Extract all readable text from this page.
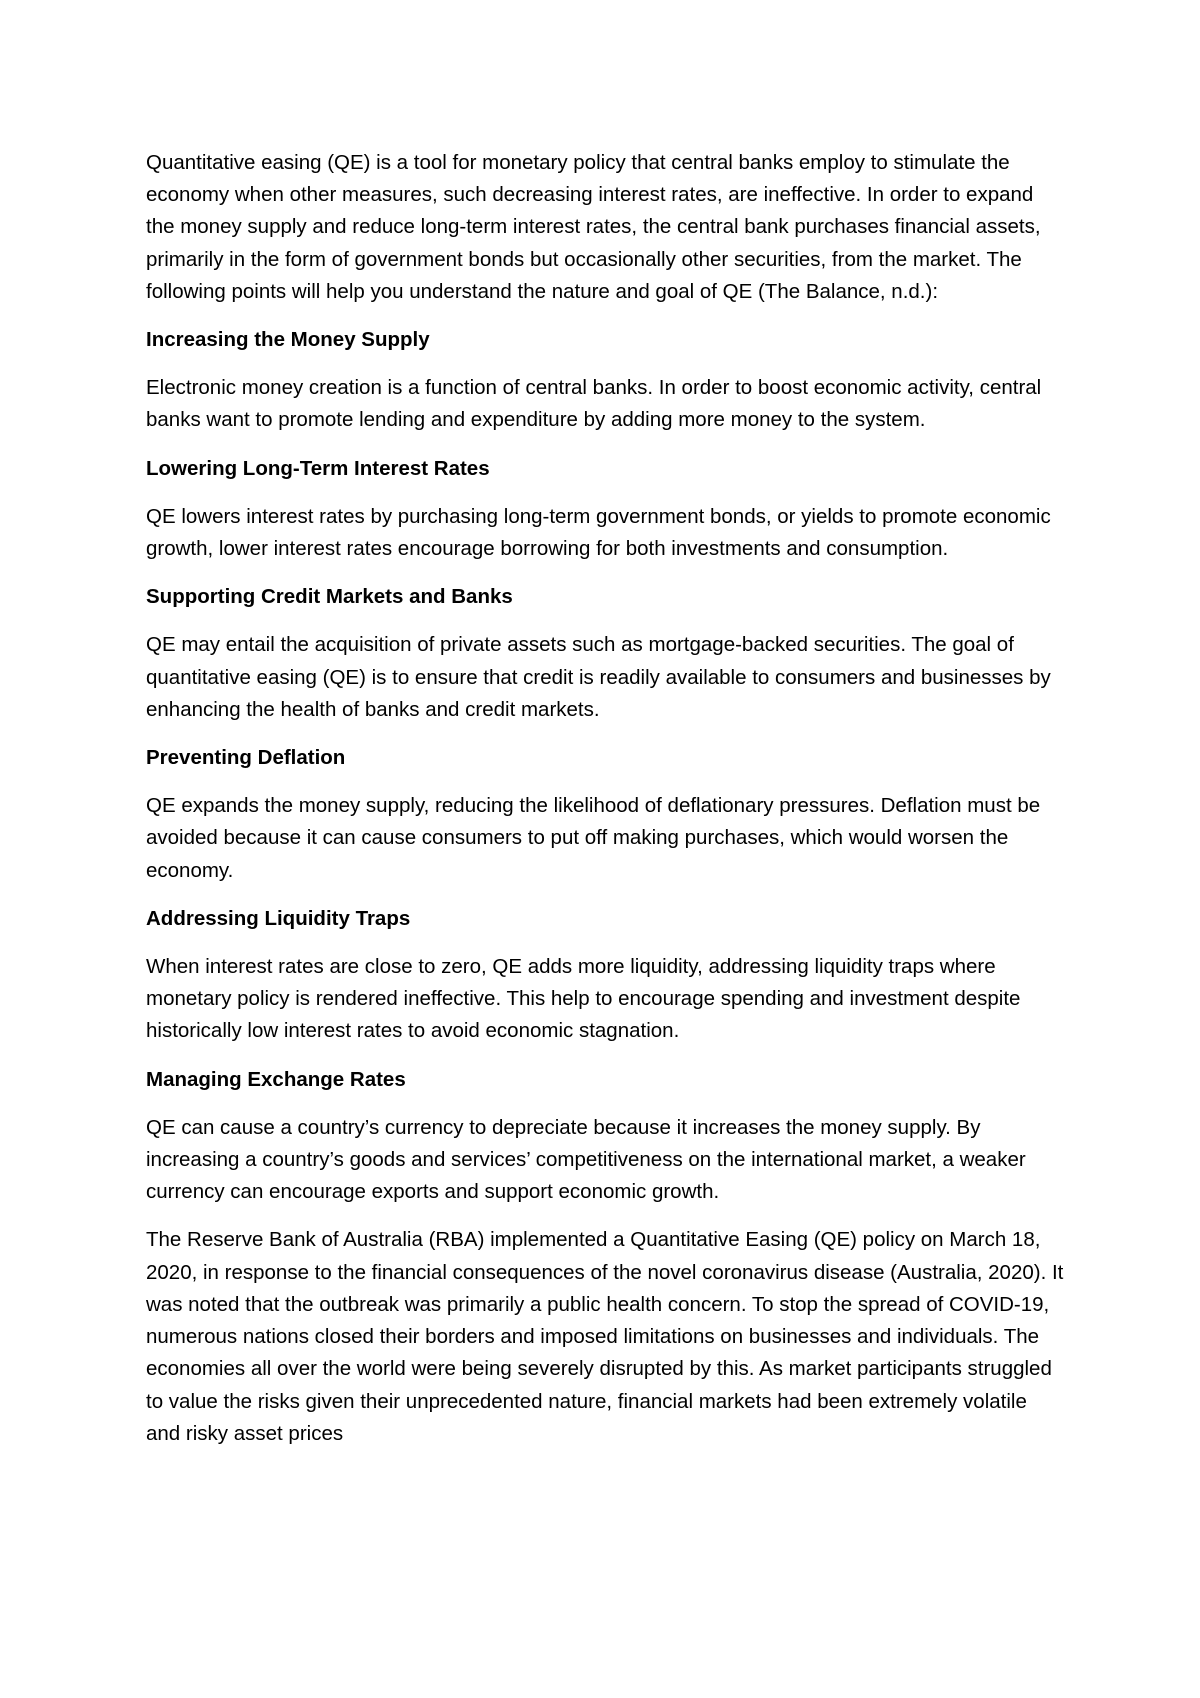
Quantitative easing (QE) is a tool for monetary policy that central banks employ to stimulate the economy when other measures, such decreasing interest rates, are ineffective. In order to expand the money supply and reduce long-term interest rates, the central bank purchases financial assets, primarily in the form of government bonds but occasionally other securities, from the market. The following points will help you understand the nature and goal of QE (The Balance, n.d.):

Increasing the Money Supply

Electronic money creation is a function of central banks. In order to boost economic activity, central banks want to promote lending and expenditure by adding more money to the system.

Lowering Long-Term Interest Rates

QE lowers interest rates by purchasing long-term government bonds, or yields to promote economic growth, lower interest rates encourage borrowing for both investments and consumption.

Supporting Credit Markets and Banks

QE may entail the acquisition of private assets such as mortgage-backed securities. The goal of quantitative easing (QE) is to ensure that credit is readily available to consumers and businesses by enhancing the health of banks and credit markets.

Preventing Deflation

QE expands the money supply, reducing the likelihood of deflationary pressures. Deflation must be avoided because it can cause consumers to put off making purchases, which would worsen the economy.

Addressing Liquidity Traps

When interest rates are close to zero, QE adds more liquidity, addressing liquidity traps where monetary policy is rendered ineffective. This help to encourage spending and investment despite historically low interest rates to avoid economic stagnation.

Managing Exchange Rates

QE can cause a country’s currency to depreciate because it increases the money supply. By increasing a country’s goods and services’ competitiveness on the international market, a weaker currency can encourage exports and support economic growth.

The Reserve Bank of Australia (RBA) implemented a Quantitative Easing (QE) policy on March 18, 2020, in response to the financial consequences of the novel coronavirus disease (Australia, 2020). It was noted that the outbreak was primarily a public health concern. To stop the spread of COVID-19, numerous nations closed their borders and imposed limitations on businesses and individuals. The economies all over the world were being severely disrupted by this. As market participants struggled to value the risks given their unprecedented nature, financial markets had been extremely volatile and risky asset prices
